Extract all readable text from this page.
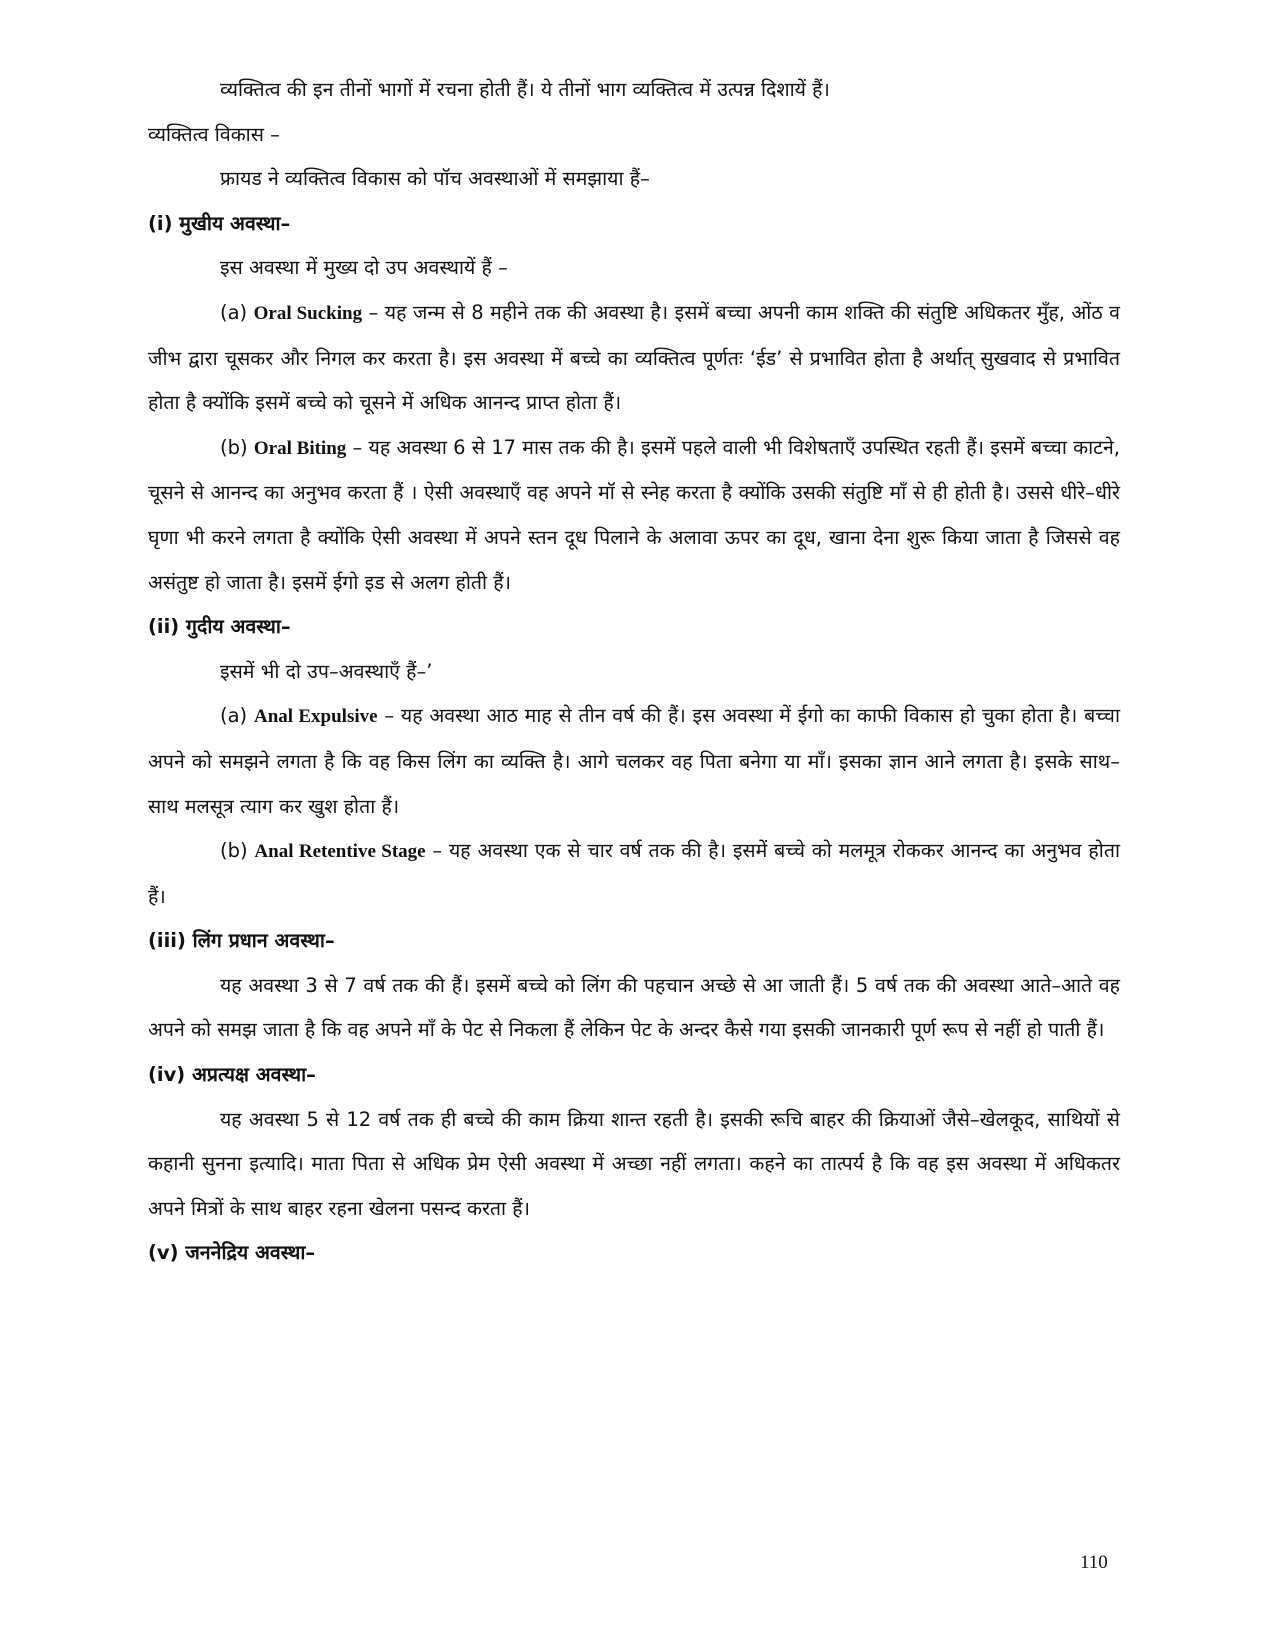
व्यक्तित्व की इन तीनों भागों में रचना होती हैं। ये तीनों भाग व्यक्तित्व में उत्पन्न दिशायें हैं।

व्यक्तित्व विकास –

फ्रायड ने व्यक्तित्व विकास को पॉच अवस्थाओं में समझाया हैं–

(i) मुखीय अवस्था–

इस अवस्था में मुख्य दो उप अवस्थायें हैं –

(a) Oral Sucking – यह जन्म से 8 महीने तक की अवस्था है। इसमें बच्चा अपनी काम शक्ति की संतुष्टि अधिकतर मुँह, ओंठ व जीभ द्वारा चूसकर और निगल कर करता है। इस अवस्था में बच्चे का व्यक्तित्व पूर्णतः ‘ईड’ से प्रभावित होता है अर्थात् सुखवाद से प्रभावित होता है क्योंकि इसमें बच्चे को चूसने में अधिक आनन्द प्राप्त होता हैं।

(b) Oral Biting – यह अवस्था 6 से 17 मास तक की है। इसमें पहले वाली भी विशेषताएँ उपस्थित रहती हैं। इसमें बच्चा काटने, चूसने से आनन्द का अनुभव करता हैं । ऐसी अवस्थाएँ वह अपने मॉ से स्नेह करता है क्योंकि उसकी संतुष्टि माँ से ही होती है। उससे धीरे–धीरे घृणा भी करने लगता है क्योंकि ऐसी अवस्था में अपने स्तन दूध पिलाने के अलावा ऊपर का दूध, खाना देना शुरू किया जाता है जिससे वह असंतुष्ट हो जाता है। इसमें ईगो इड से अलग होती हैं।

(ii) गुदीय अवस्था–

इसमें भी दो उप–अवस्थाएँ हैं–’

(a) Anal Expulsive – यह अवस्था आठ माह से तीन वर्ष की हैं। इस अवस्था में ईगो का काफी विकास हो चुका होता है। बच्चा अपने को समझने लगता है कि वह किस लिंग का व्यक्ति है। आगे चलकर वह पिता बनेगा या माँ। इसका ज्ञान आने लगता है। इसके साथ–साथ मलसूत्र त्याग कर खुश होता हैं।

(b) Anal Retentive Stage – यह अवस्था एक से चार वर्ष तक की है। इसमें बच्चे को मलमूत्र रोककर आनन्द का अनुभव होता हैं।

(iii) लिंग प्रधान अवस्था–

यह अवस्था 3 से 7 वर्ष तक की हैं। इसमें बच्चे को लिंग की पहचान अच्छे से आ जाती हैं। 5 वर्ष तक की अवस्था आते–आते वह अपने को समझ जाता है कि वह अपने माँ के पेट से निकला हैं लेकिन पेट के अन्दर कैसे गया इसकी जानकारी पूर्ण रूप से नहीं हो पाती हैं।

(iv) अप्रत्यक्ष अवस्था–

यह अवस्था 5 से 12 वर्ष तक ही बच्चे की काम क्रिया शान्त रहती है। इसकी रूचि बाहर की क्रियाओं जैसे–खेलकूद, साथियों से कहानी सुनना इत्यादि। माता पिता से अधिक प्रेम ऐसी अवस्था में अच्छा नहीं लगता। कहने का तात्पर्य है कि वह इस अवस्था में अधिकतर अपने मित्रों के साथ बाहर रहना खेलना पसन्द करता हैं।

(v) जननेद्रिय अवस्था–

110
